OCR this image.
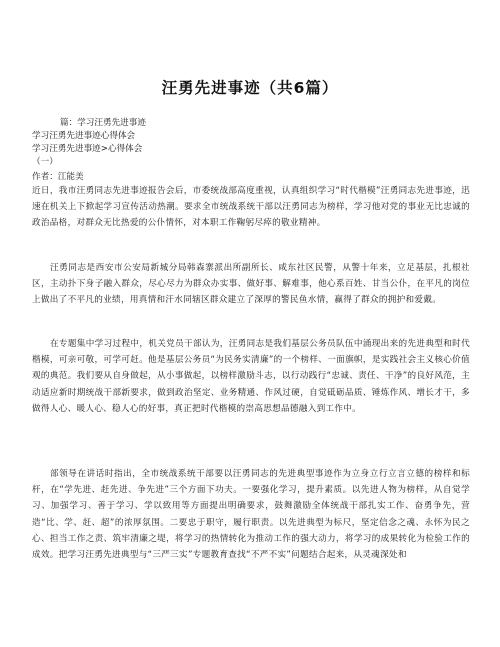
汪勇先进事迹（共6篇）
篇：学习汪勇先进事迹
学习汪勇先进事迹心得体会
学习汪勇先进事迹>心得体会
（一）
作者：江能美

近日，我市汪勇同志先进事迹报告会后，市委统战部高度重视，认真组织学习“时代楷模”汪勇同志先进事迹，迅速在机关上下掀起学习宣传活动热潮。要求全市统战系统干部以汪勇同志为榜样，学习他对党的事业无比忠诚的政治品格，对群众无比热爱的公仆情怀，对本职工作鞠躬尽瘁的敬业精神。

汪勇同志是西安市公安局新城分局韩森寨派出所副所长、咸东社区民警，从警十年来，立足基层，扎根社区，主动扑下身子融入群众，尽心尽力为群众办实事、做好事、解难事，他心系百姓、甘当公仆，在平凡的岗位上做出了不平凡的业绩，用真情和汗水同辖区群众建立了深厚的警民鱼水情，赢得了群众的拥护和爱戴。

在专题集中学习过程中，机关党员干部认为，汪勇同志是我们基层公务员队伍中涌现出来的先进典型和时代楷模，可亲可敬，可学可赶。他是基层公务员“为民务实清廉”的一个榜样、一面旗帜，是实践社会主义核心价值观的典范。我们要从自身做起，从小事做起，以榜样激励斗志，以行动践行“忠诚、责任、干净”的良好风范，主动适应新时期统战干部新要求，做到政治坚定、业务精通、作风过硬，自觉砥砺品质、锤炼作风、增长才干，多做得人心、暖人心、稳人心的好事，真正把时代楷模的崇高思想品德融入到工作中。

部领导在讲话时指出，全市统战系统干部要以汪勇同志的先进典型事迹作为立身立行立言立德的榜样和标杆，在“学先进、赶先进、争先进”三个方面下功夫。一要强化学习，提升素质。以先进人物为榜样，从自觉学习、加强学习、善于学习、学以致用等方面提出明确要求，鼓舞激励全体统战干部扎实工作、奋勇争先，营造“比、学、赶、超”的浓厚氛围。二要忠于职守，履行职责。以先进典型为标尺，坚定信念之魂、永怀为民之心、担当工作之责、筑牢清廉之堤，将学习的热情转化为推动工作的强大动力，将学习的成果转化为检验工作的成效。把学习汪勇先进典型与“三严三实”专题教育查找“不严不实”问题结合起来，从灵魂深处和
